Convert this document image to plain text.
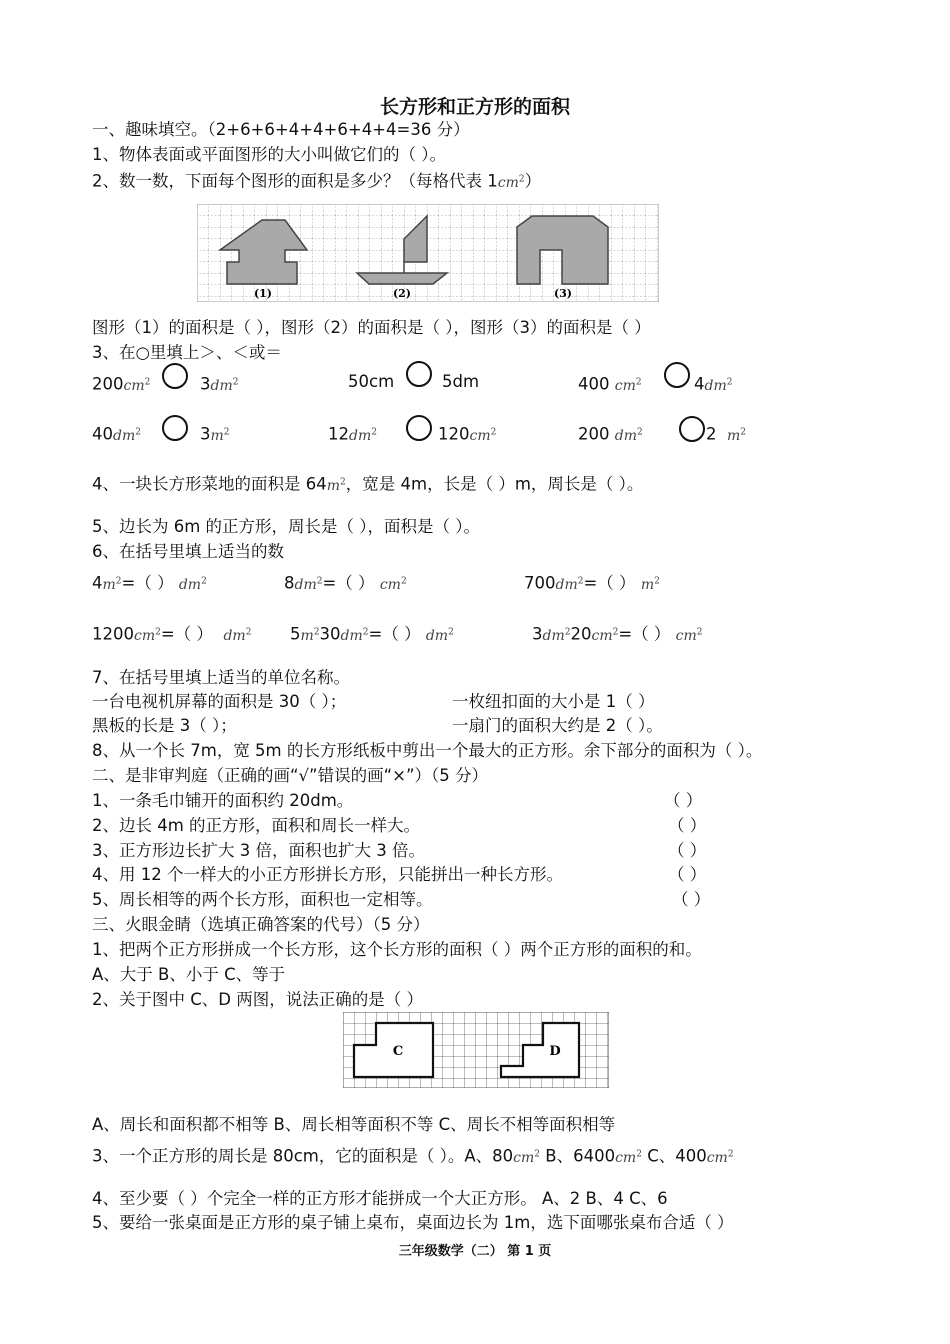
长方形和正方形的面积
一、趣味填空。（2+6+6+4+4+6+4+4=36 分）
1、物体表面或平面图形的大小叫做它们的（ ）。
2、数一数，下面每个图形的面积是多少？（每格代表 $1cm^2$）
(1)	(2)	(3)
图形（1）的面积是（ ），图形（2）的面积是（ ），图形（3）的面积是（ ）
3、在○里填上＞、＜或＝
$200cm^2$	$3dm^2$	50cm	5dm	400 $cm^2$	$4dm^2$
$40dm^2$	$3m^2$	$12dm^2$	$120cm^2$	200 $dm^2$	2 $m^2$
4、一块长方形菜地的面积是 $64m^2$，宽是 4m，长是（ ）m，周长是（ ）。
5、边长为 6m 的正方形，周长是（ ），面积是（ ）。
6、在括号里填上适当的数
$4m^2=$（ ） $dm^2$	$8dm^2=$（ ） $cm^2$	$700dm^2=$（ ） $m^2$
$1200cm^2=$（ ） $dm^2$ $5m^230dm^2=$（ ） $dm^2$	$3dm^220cm^2=$（ ） $cm^2$
7、在括号里填上适当的单位名称。
一台电视机屏幕的面积是 30（ ）；	一枚纽扣面的大小是 1（ ）
黑板的长是 3（ ）；	一扇门的面积大约是 2（ ）。
8、从一个长 7m，宽 5m 的长方形纸板中剪出一个最大的正方形。余下部分的面积为（ ）。
二、是非审判庭（正确的画“√”错误的画“×”）（5 分）
1、一条毛巾铺开的面积约 20dm。	（ ）
2、边长 4m 的正方形，面积和周长一样大。	（ ）
3、正方形边长扩大 3 倍，面积也扩大 3 倍。	（ ）
4、用 12 个一样大的小正方形拼长方形，只能拼出一种长方形。	（ ）
5、周长相等的两个长方形，面积也一定相等。	（ ）
三、火眼金睛（选填正确答案的代号）（5 分）
1、把两个正方形拼成一个长方形，这个长方形的面积（ ）两个正方形的面积的和。
A、大于 B、小于 C、等于
2、关于图中 C、D 两图，说法正确的是（ ）
C	D
A、周长和面积都不相等 B、周长相等面积不等 C、周长不相等面积相等
3、一个正方形的周长是 80cm，它的面积是（ ）。A、$80cm^2$ B、$6400cm^2$ C、$400cm^2$
4、至少要（ ）个完全一样的正方形才能拼成一个大正方形。 A、2 B、4 C、6
5、要给一张桌面是正方形的桌子铺上桌布，桌面边长为 1m，选下面哪张桌布合适（ ）
三年级数学（二） 第 1 页
